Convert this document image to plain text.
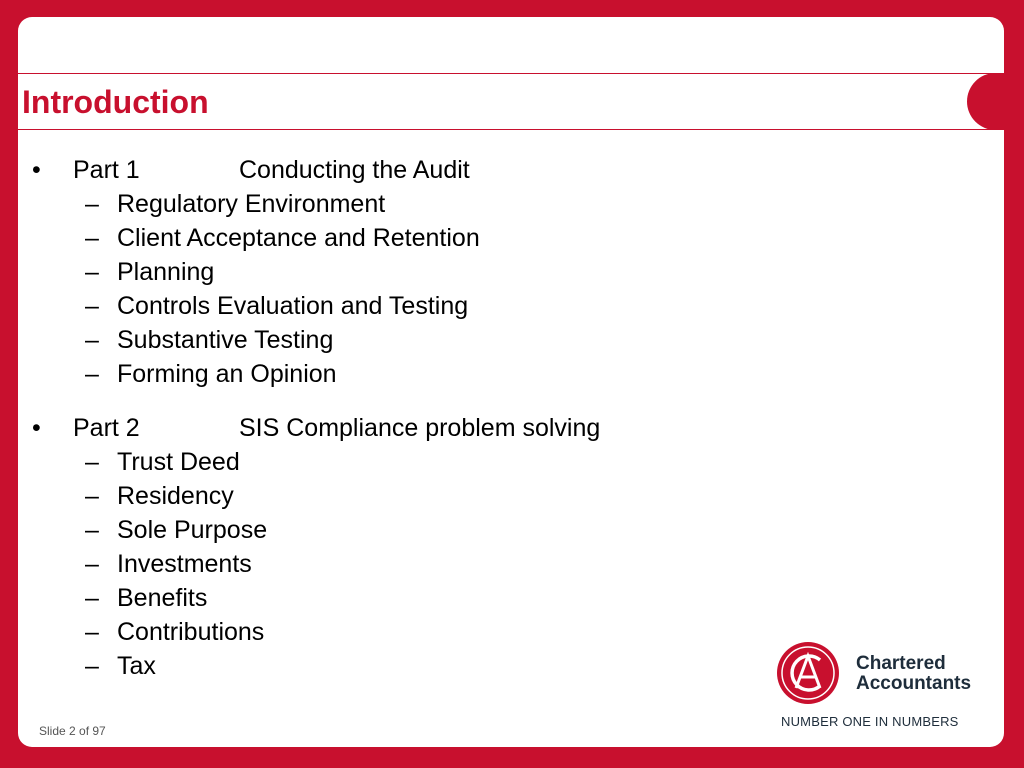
Introduction
•	Part 1	Conducting the Audit
– Regulatory Environment
– Client Acceptance and Retention
– Planning
– Controls Evaluation and Testing
– Substantive Testing
– Forming an Opinion
•	Part 2	SIS Compliance problem solving
– Trust Deed
– Residency
– Sole Purpose
– Investments
– Benefits
– Contributions
– Tax	Chartered
Accountants
NUMBER ONE IN NUMBERS
Slide 2 of 97
